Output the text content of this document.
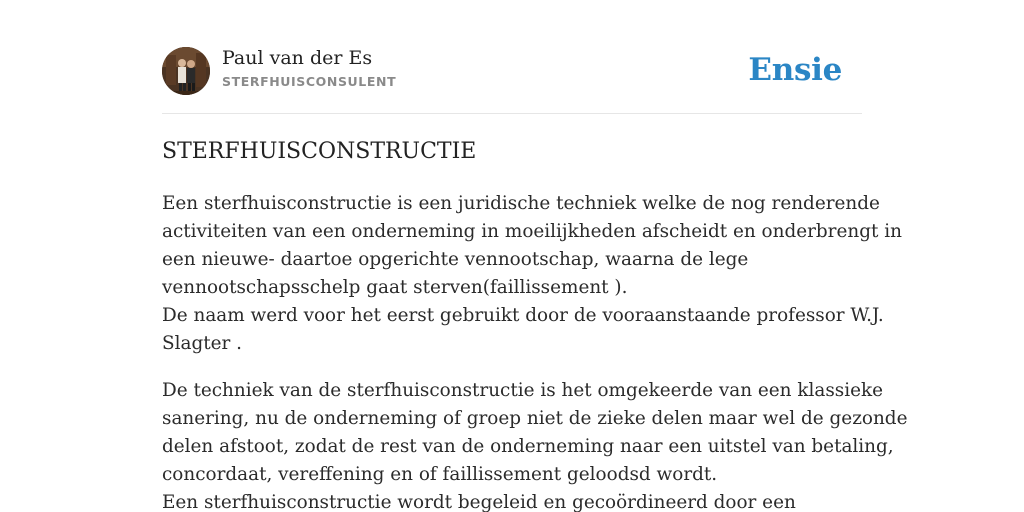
Paul van der Es
STERFHUISCONSULENT	Ensie
STERFHUISCONSTRUCTIE

Een sterfhuisconstructie is een juridische techniek welke de nog renderende
activiteiten van een onderneming in moeilijkheden afscheidt en onderbrengt in
een nieuwe- daartoe opgerichte vennootschap, waarna de lege
vennootschapsschelp gaat sterven(faillissement ).
De naam werd voor het eerst gebruikt door de vooraanstaande professor W.J.
Slagter .

De techniek van de sterfhuisconstructie is het omgekeerde van een klassieke
sanering, nu de onderneming of groep niet de zieke delen maar wel de gezonde
delen afstoot, zodat de rest van de onderneming naar een uitstel van betaling,
concordaat, vereffening en of faillissement geloodsd wordt.
Een sterfhuisconstructie wordt begeleid en gecoördineerd door een
